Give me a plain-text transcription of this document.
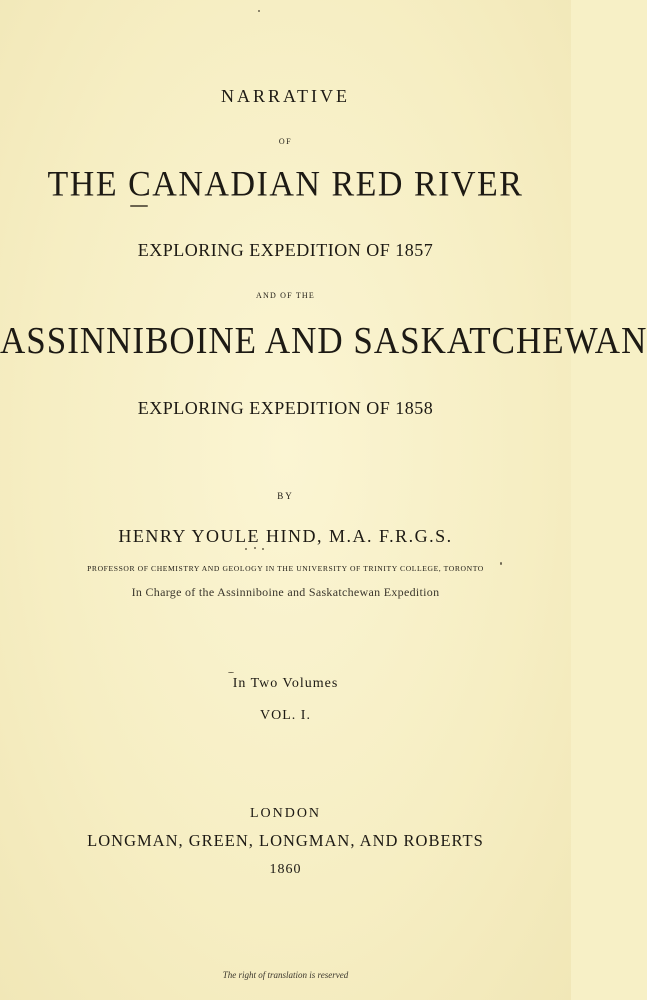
NARRATIVE
OF
THE CANADIAN RED RIVER
EXPLORING EXPEDITION OF 1857
AND OF THE
ASSINNIBOINE AND SASKATCHEWAN
EXPLORING EXPEDITION OF 1858
BY
HENRY YOULE HIND, M.A. F.R.G.S.
PROFESSOR OF CHEMISTRY AND GEOLOGY IN THE UNIVERSITY OF TRINITY COLLEGE, TORONTO
In Charge of the Assinniboine and Saskatchewan Expedition
In Two Volumes
VOL. I.
LONDON
LONGMAN, GREEN, LONGMAN, AND ROBERTS
1860
The right of translation is reserved
